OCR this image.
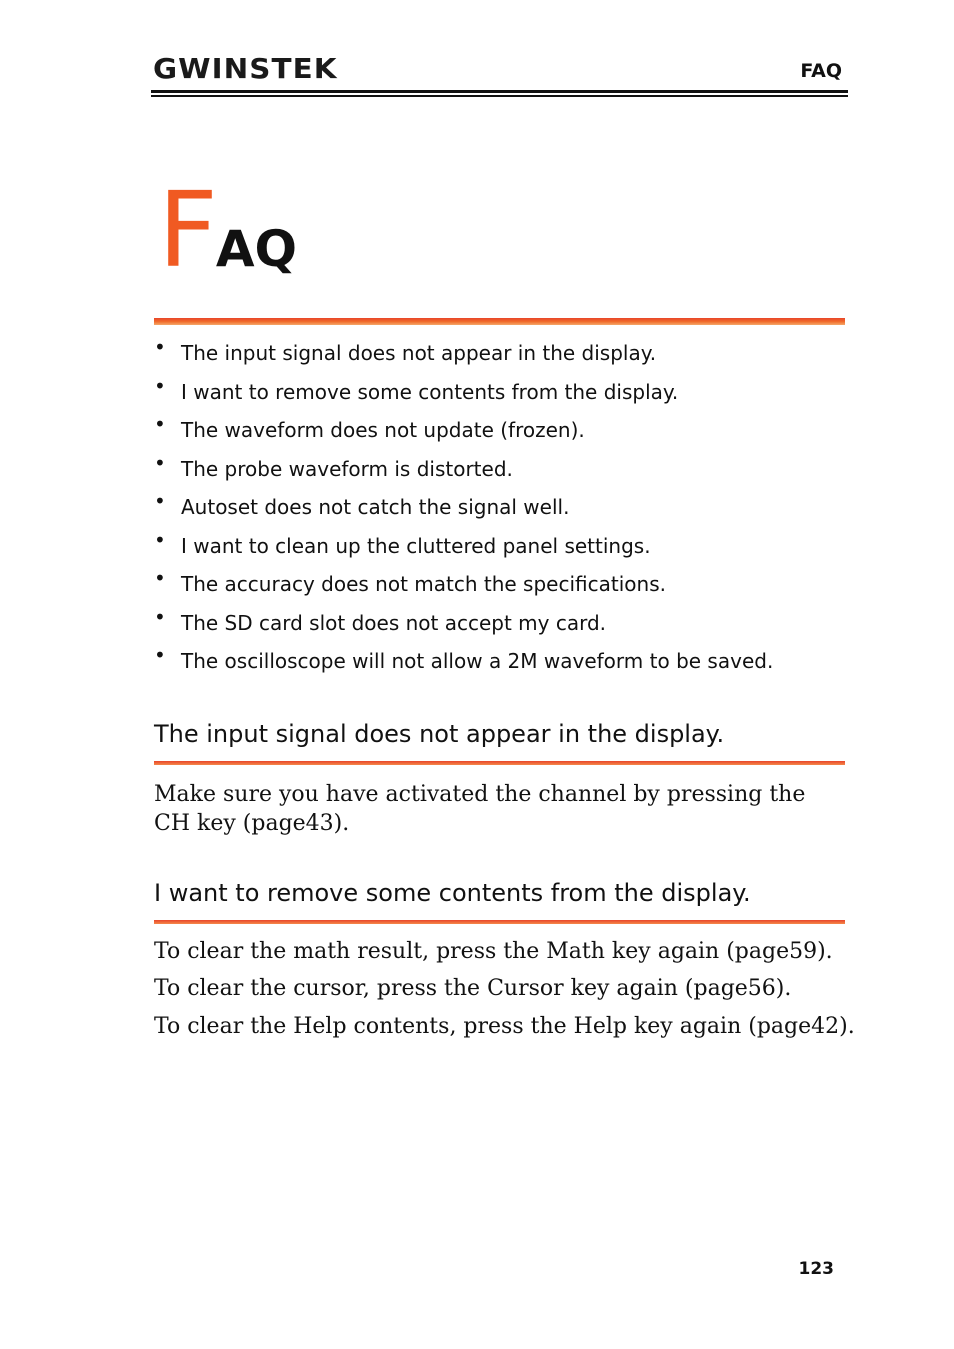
GWINSTEK	FAQ
FAQ
• The input signal does not appear in the display.
• I want to remove some contents from the display.
• The waveform does not update (frozen).
• The probe waveform is distorted.
• Autoset does not catch the signal well.
• I want to clean up the cluttered panel settings.
• The accuracy does not match the specifications.
• The SD card slot does not accept my card.
• The oscilloscope will not allow a 2M waveform to be saved.
The input signal does not appear in the display.
Make sure you have activated the channel by pressing the CH key (page43).
I want to remove some contents from the display.
To clear the math result, press the Math key again (page59).
To clear the cursor, press the Cursor key again (page56).
To clear the Help contents, press the Help key again (page42).
123
